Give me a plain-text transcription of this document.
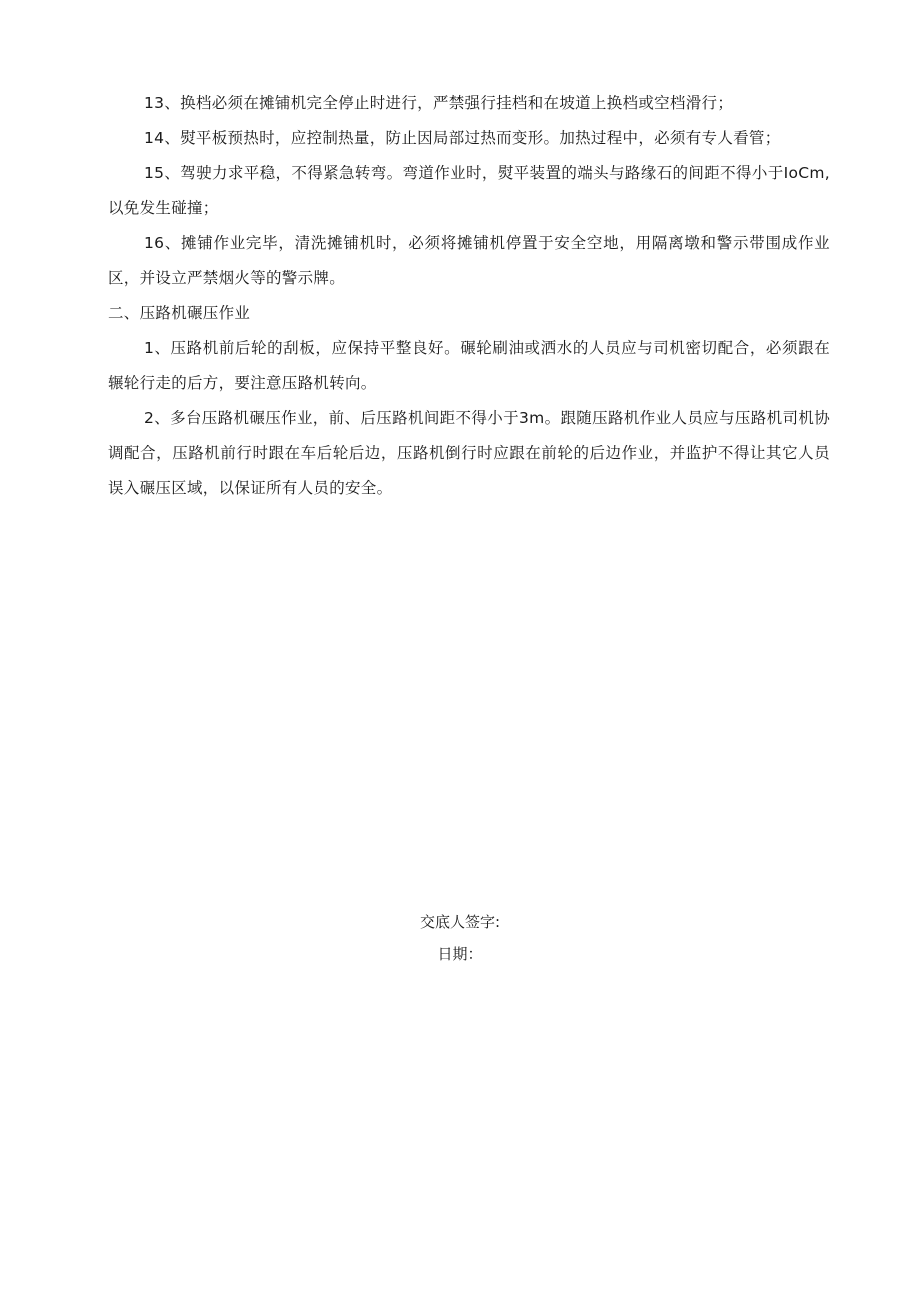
13、换档必须在摊铺机完全停止时进行，严禁强行挂档和在坡道上换档或空档滑行；

14、熨平板预热时，应控制热量，防止因局部过热而变形。加热过程中，必须有专人看管；

15、驾驶力求平稳，不得紧急转弯。弯道作业时，熨平装置的端头与路缘石的间距不得小于IoCm,以免发生碰撞；

16、摊铺作业完毕，清洗摊铺机时，必须将摊铺机停置于安全空地，用隔离墩和警示带围成作业区，并设立严禁烟火等的警示牌。

二、压路机碾压作业

1、压路机前后轮的刮板，应保持平整良好。碾轮刷油或洒水的人员应与司机密切配合，必须跟在辗轮行走的后方，要注意压路机转向。

2、多台压路机碾压作业，前、后压路机间距不得小于3m。跟随压路机作业人员应与压路机司机协调配合，压路机前行时跟在车后轮后边，压路机倒行时应跟在前轮的后边作业，并监护不得让其它人员误入碾压区域，以保证所有人员的安全。

交底人签字:
日期：
